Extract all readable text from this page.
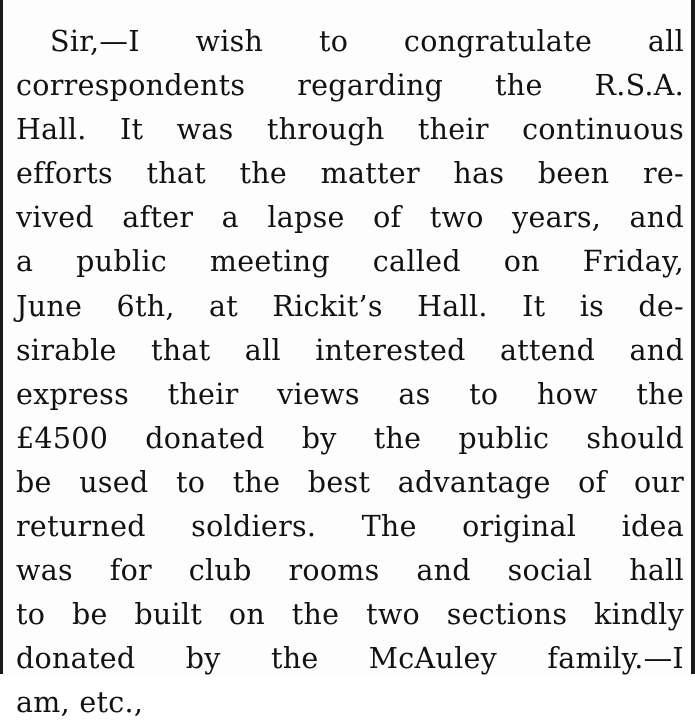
Sir,—I wish to congratulate all
correspondents regarding the R.S.A.
Hall. It was through their continuous
efforts that the matter has been re-
vived after a lapse of two years, and
a public meeting called on Friday,
June 6th, at Rickit’s Hall. It is de-
sirable that all interested attend and
express their views as to how the
£4500 donated by the public should
be used to the best advantage of our
returned soldiers. The original idea
was for club rooms and social hall
to be built on the two sections kindly
donated by the McAuley family.—I
am, etc.,
